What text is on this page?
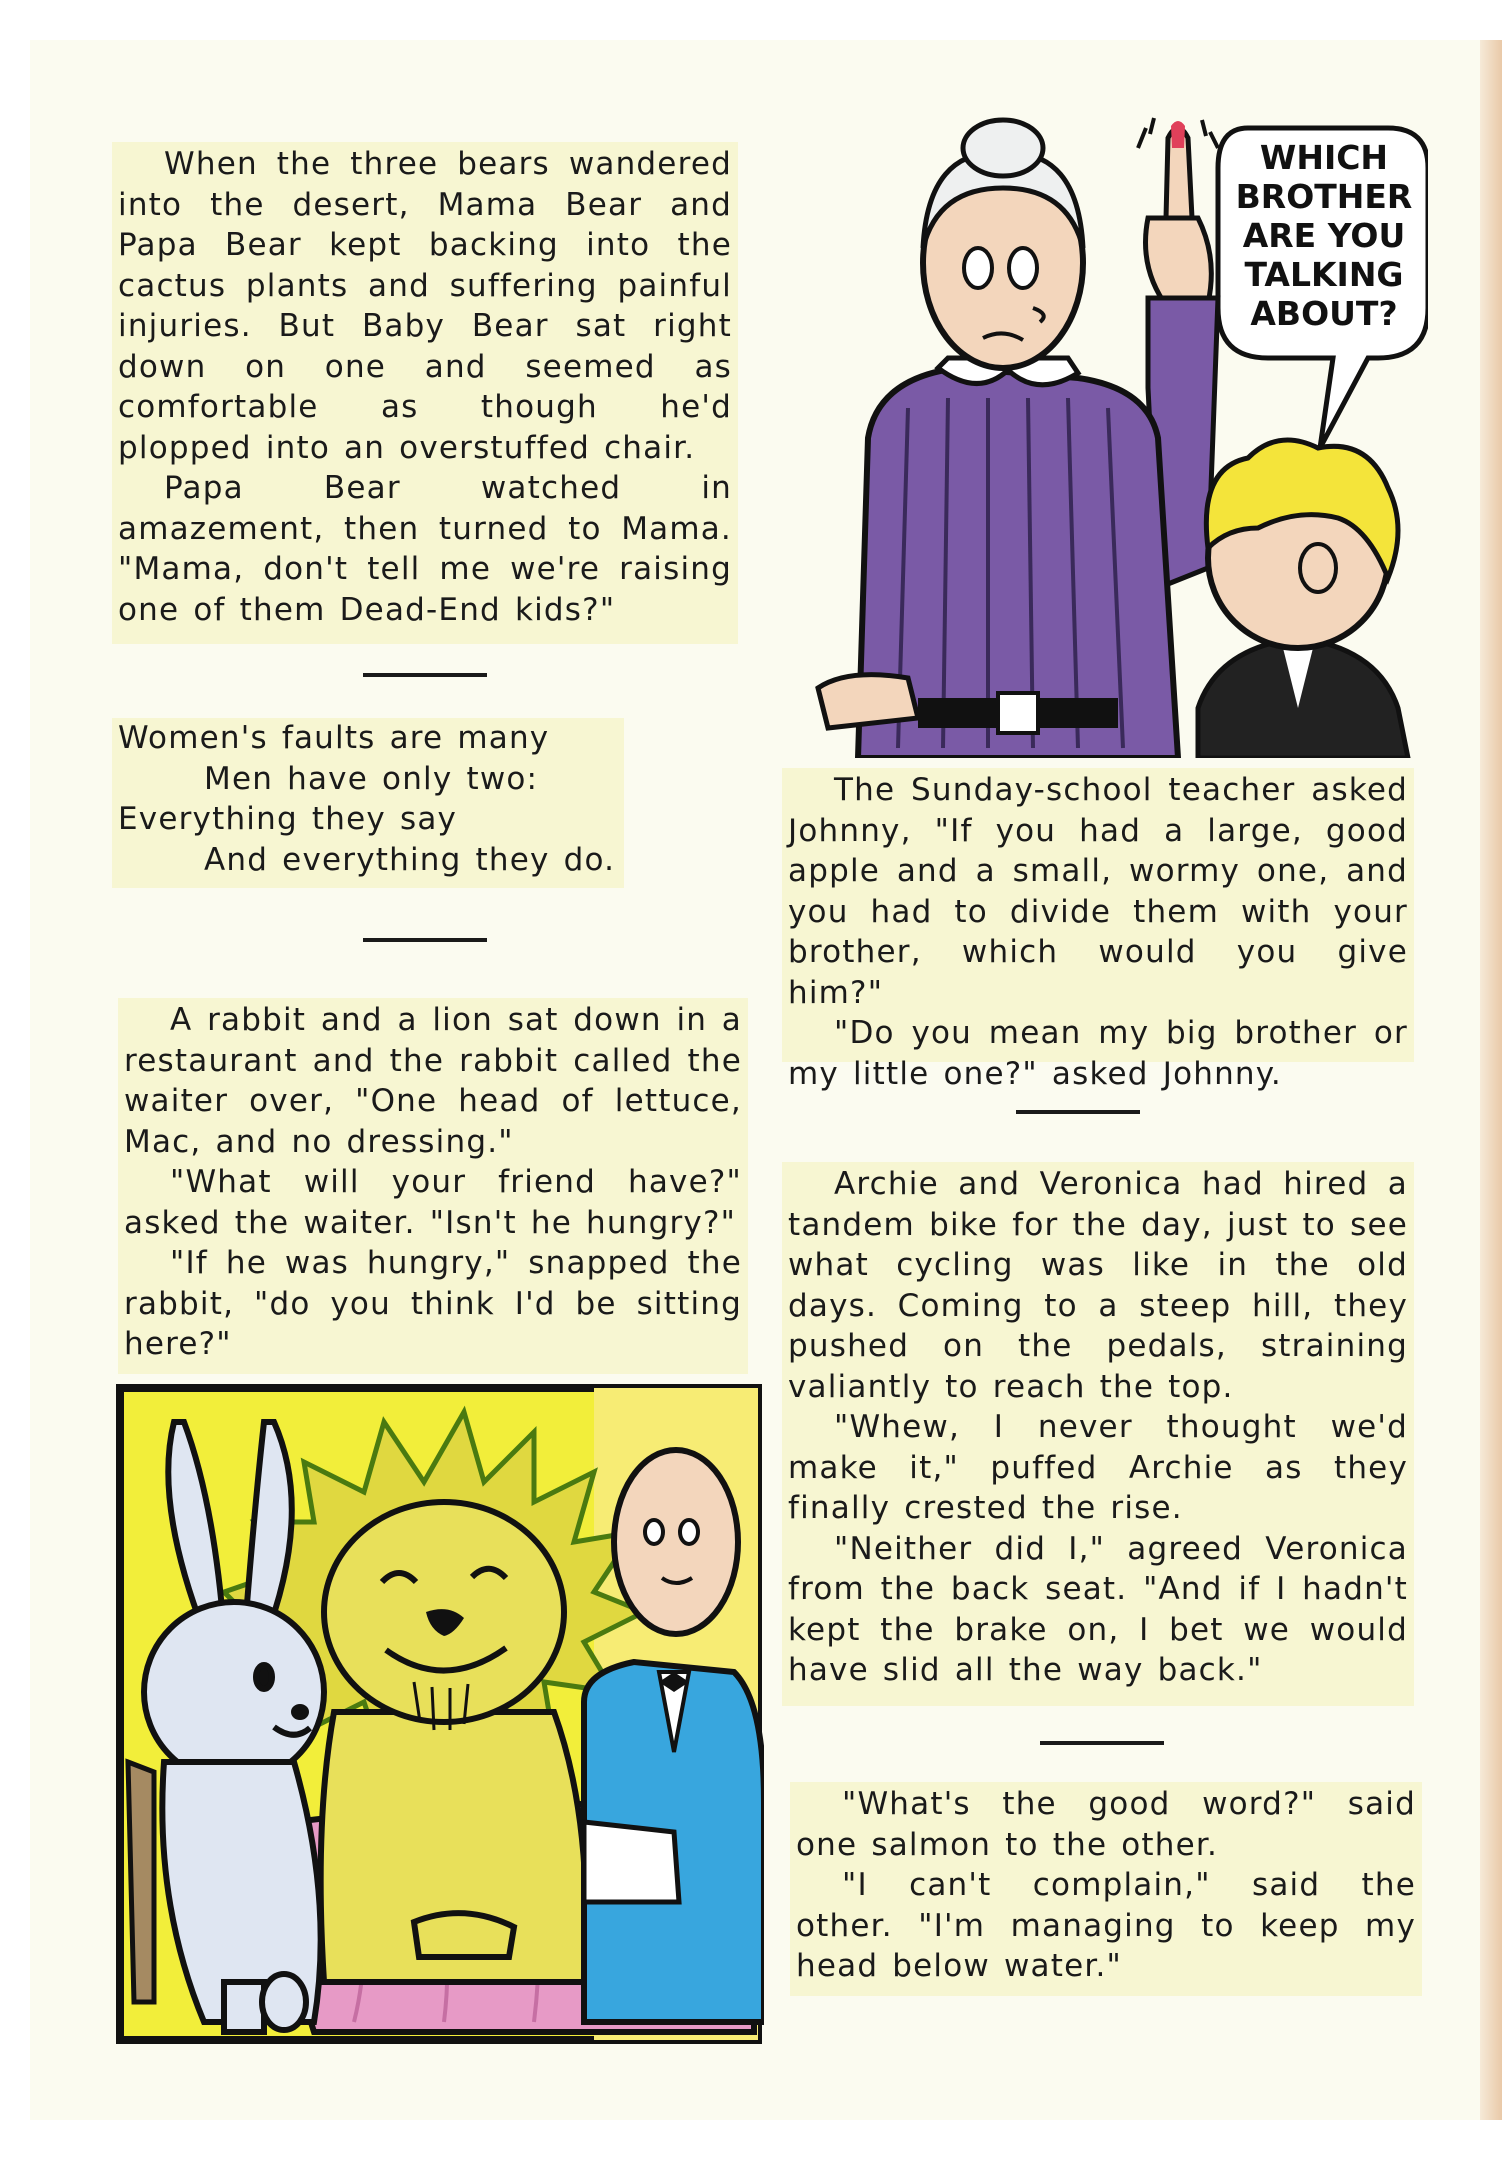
When the three bears wandered into the desert, Mama Bear and Papa Bear kept backing into the cactus plants and suffering painful injuries. But Baby Bear sat right down on one and seemed as comfortable as though he'd plopped into an overstuffed chair.

Papa Bear watched in amazement, then turned to Mama. "Mama, don't tell me we're raising one of them Dead-End kids?"

Women's faults are many
Men have only two:
Everything they say
And everything they do.

A rabbit and a lion sat down in a restaurant and the rabbit called the waiter over, "One head of lettuce, Mac, and no dressing."

"What will your friend have?" asked the waiter. "Isn't he hungry?"

"If he was hungry," snapped the rabbit, "do you think I'd be sitting here?"

WHICH
BROTHER
ARE YOU
TALKING
ABOUT?

The Sunday-school teacher asked Johnny, "If you had a large, good apple and a small, wormy one, and you had to divide them with your brother, which would you give him?"

"Do you mean my big brother or my little one?" asked Johnny.

Archie and Veronica had hired a tandem bike for the day, just to see what cycling was like in the old days. Coming to a steep hill, they pushed on the pedals, straining valiantly to reach the top.

"Whew, I never thought we'd make it," puffed Archie as they finally crested the rise.

"Neither did I," agreed Veronica from the back seat. "And if I hadn't kept the brake on, I bet we would have slid all the way back."

"What's the good word?" said one salmon to the other.

"I can't complain," said the other. "I'm managing to keep my head below water."
